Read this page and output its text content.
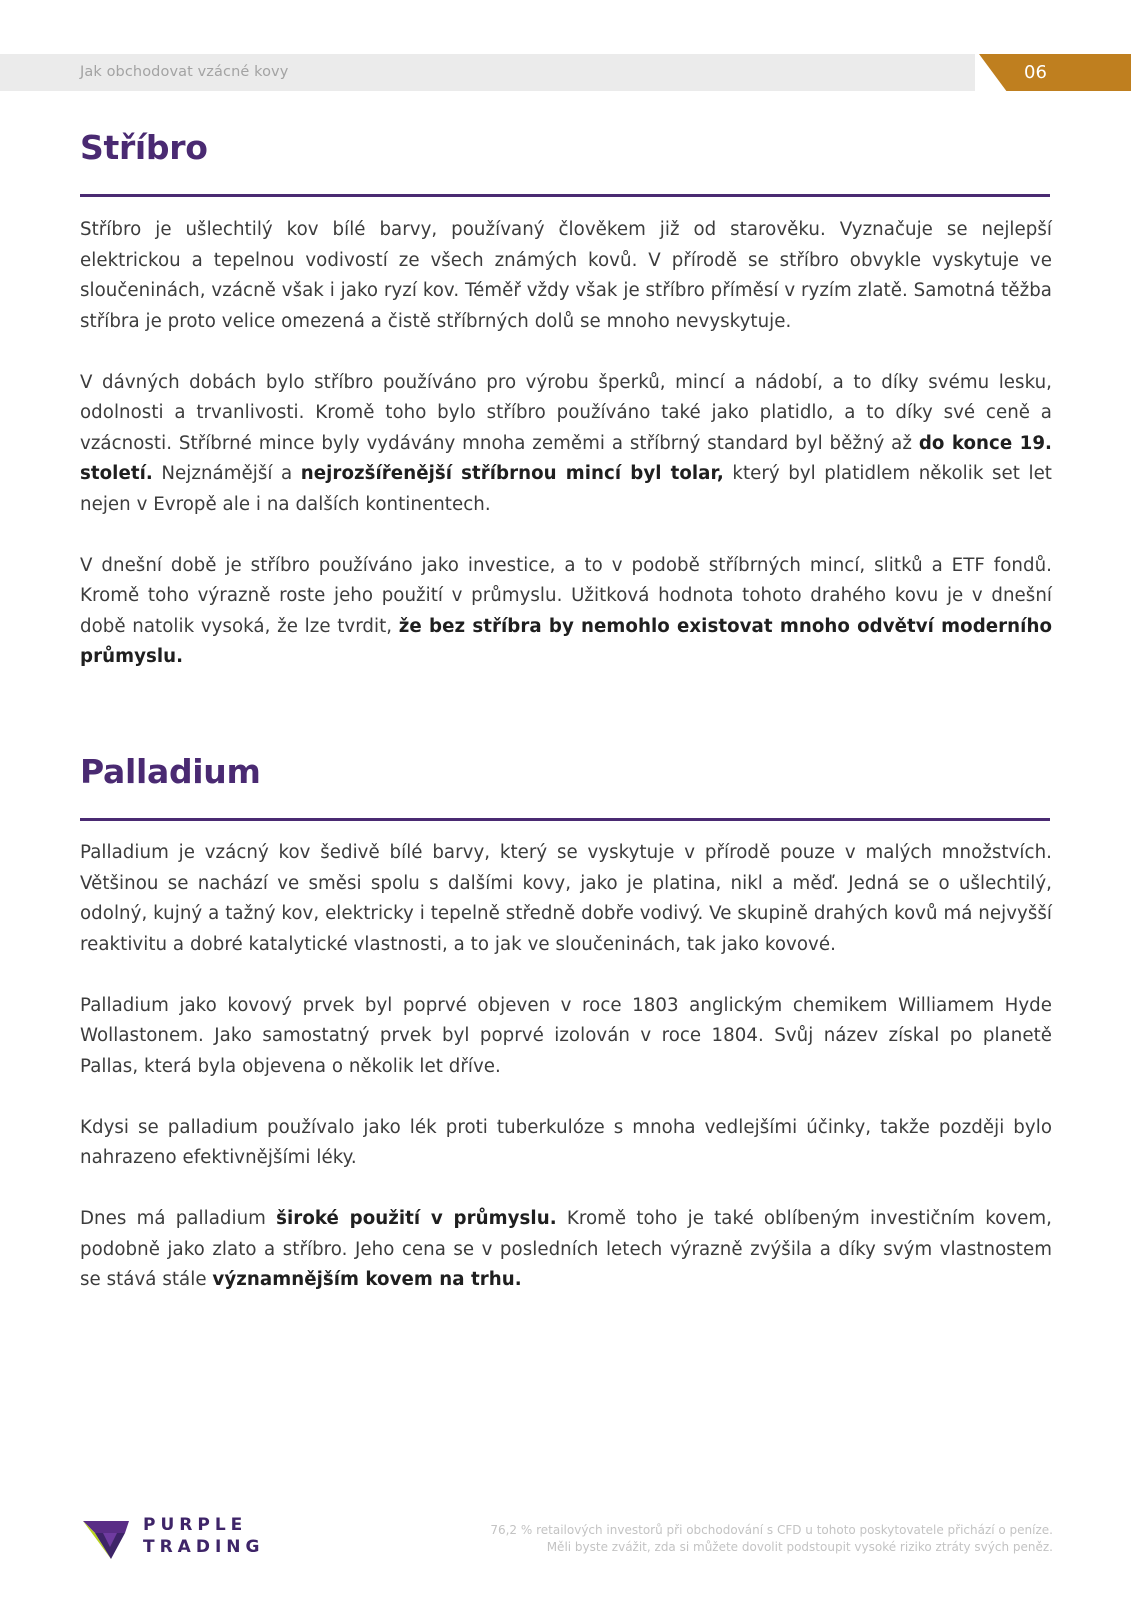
Jak obchodovat vzácné kovy	06
Stříbro

Stříbro je ušlechtilý kov bílé barvy, používaný člověkem již od starověku. Vyznačuje se nejlepší elektrickou a tepelnou vodivostí ze všech známých kovů. V přírodě se stříbro obvykle vyskytuje ve sloučeninách, vzácně však i jako ryzí kov. Téměř vždy však je stříbro příměsí v ryzím zlatě. Samotná těžba stříbra je proto velice omezená a čistě stříbrných dolů se mnoho nevyskytuje.

V dávných dobách bylo stříbro používáno pro výrobu šperků, mincí a nádobí, a to díky svému lesku, odolnosti a trvanlivosti. Kromě toho bylo stříbro používáno také jako platidlo, a to díky své ceně a vzácnosti. Stříbrné mince byly vydávány mnoha zeměmi a stříbrný standard byl běžný až do konce 19. století. Nejznámější a nejrozšířenější stříbrnou mincí byl tolar, který byl platidlem několik set let nejen v Evropě ale i na dalších kontinentech.

V dnešní době je stříbro používáno jako investice, a to v podobě stříbrných mincí, slitků a ETF fondů. Kromě toho výrazně roste jeho použití v průmyslu. Užitková hodnota tohoto drahého kovu je v dnešní době natolik vysoká, že lze tvrdit, že bez stříbra by nemohlo existovat mnoho odvětví moderního průmyslu.

Palladium

Palladium je vzácný kov šedivě bílé barvy, který se vyskytuje v přírodě pouze v malých množstvích. Většinou se nachází ve směsi spolu s dalšími kovy, jako je platina, nikl a měď. Jedná se o ušlechtilý, odolný, kujný a tažný kov, elektricky i tepelně středně dobře vodivý. Ve skupině drahých kovů má nejvyšší reaktivitu a dobré katalytické vlastnosti, a to jak ve sloučeninách, tak jako kovové.

Palladium jako kovový prvek byl poprvé objeven v roce 1803 anglickým chemikem Williamem Hyde Wollastonem. Jako samostatný prvek byl poprvé izolován v roce 1804. Svůj název získal po planetě Pallas, která byla objevena o několik let dříve.

Kdysi se palladium používalo jako lék proti tuberkulóze s mnoha vedlejšími účinky, takže později bylo nahrazeno efektivnějšími léky.

Dnes má palladium široké použití v průmyslu. Kromě toho je také oblíbeným investičním kovem, podobně jako zlato a stříbro. Jeho cena se v posledních letech výrazně zvýšila a díky svým vlastnostem se stává stále významnějším kovem na trhu.

PURPLE
TRADING
76,2 % retailových investorů při obchodování s CFD u tohoto poskytovatele přichází o peníze.
Měli byste zvážit, zda si můžete dovolit podstoupit vysoké riziko ztráty svých peněz.
